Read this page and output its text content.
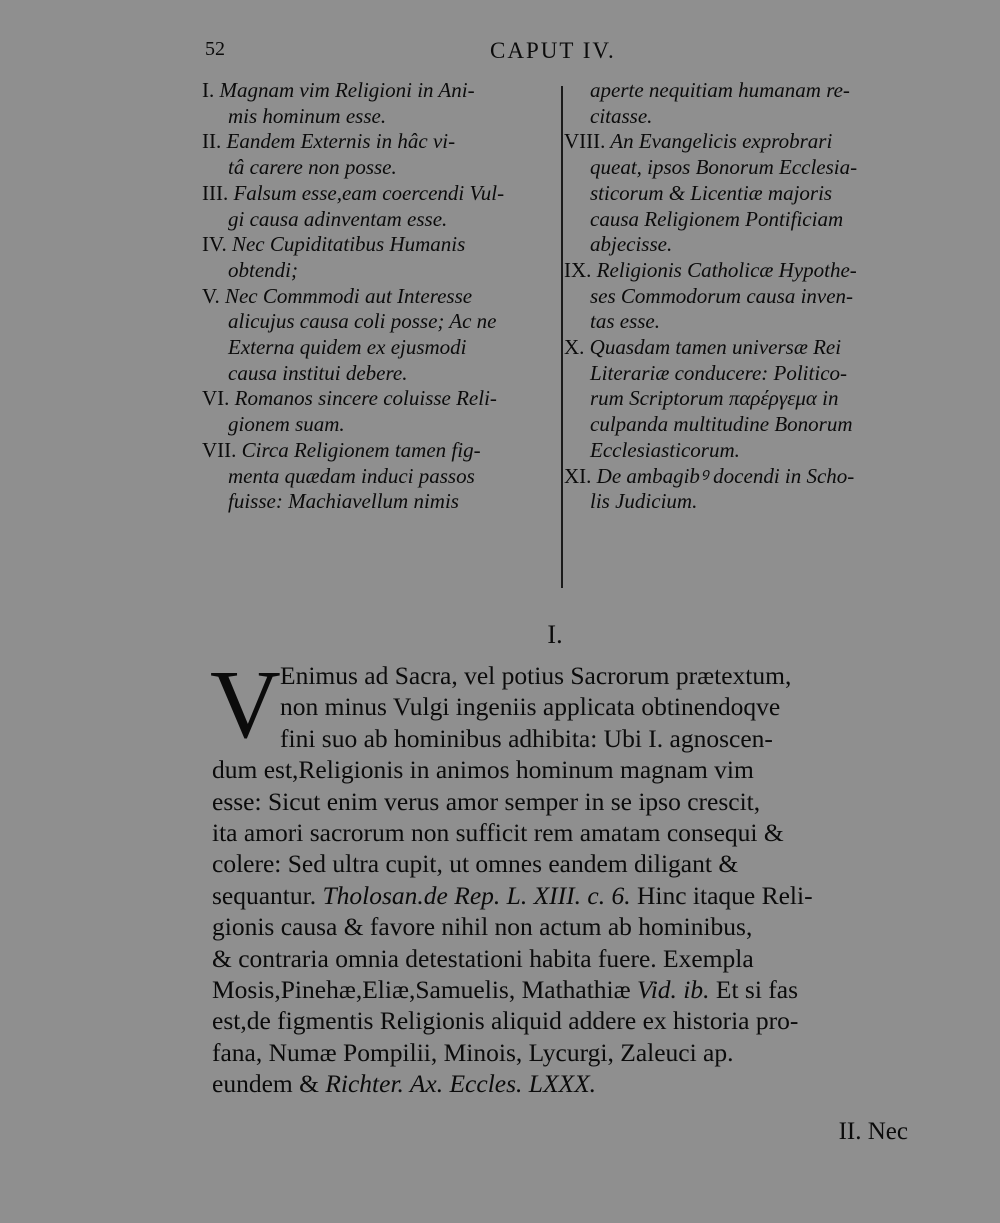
52	CAPUT IV.

I. Magnam vim Religioni in Ani-
mis hominum esse.

II. Eandem Externis in hâc vi-
tâ carere non posse.

III. Falsum esse,eam coercendi Vul-
gi causa adinventam esse.

IV. Nec Cupiditatibus Humanis
obtendi;

V. Nec Commmodi aut Interesse
alicujus causa coli posse; Ac ne
Externa quidem ex ejusmodi
causa institui debere.

VI. Romanos sincere coluisse Reli-
gionem suam.

VII. Circa Religionem tamen fig-
menta quædam induci passos
fuisse: Machiavellum nimis

aperte nequitiam humanam re-
citasse.

VIII. An Evangelicis exprobrari
queat, ipsos Bonorum Ecclesia-
sticorum & Licentiæ majoris
causa Religionem Pontificiam
abjecisse.

IX. Religionis Catholicæ Hypothe-
ses Commodorum causa inven-
tas esse.

X. Quasdam tamen universæ Rei
Literariæ conducere: Politico-
rum Scriptorum παρέργεμα in
culpanda multitudine Bonorum
Ecclesiasticorum.

XI. De ambagibꝰ docendi in Scho-
lis Judicium.

I.
V Enimus ad Sacra, vel potius Sacrorum prætextum,
non minus Vulgi ingeniis applicata obtinendoqve
fini suo ab hominibus adhibita: Ubi I. agnoscen-
dum est,Religionis in animos hominum magnam vim
esse: Sicut enim verus amor semper in se ipso crescit,
ita amori sacrorum non sufficit rem amatam consequi &
colere: Sed ultra cupit, ut omnes eandem diligant &
sequantur. Tholosan.de Rep. L. XIII. c. 6. Hinc itaque Reli-
gionis causa & favore nihil non actum ab hominibus,
& contraria omnia detestationi habita fuere. Exempla
Mosis,Pinehæ,Eliæ,Samuelis, Mathathiæ Vid. ib. Et si fas
est,de figmentis Religionis aliquid addere ex historia pro-
fana, Numæ Pompilii, Minois, Lycurgi, Zaleuci ap.
eundem & Richter. Ax. Eccles. LXXX.
II. Nec
